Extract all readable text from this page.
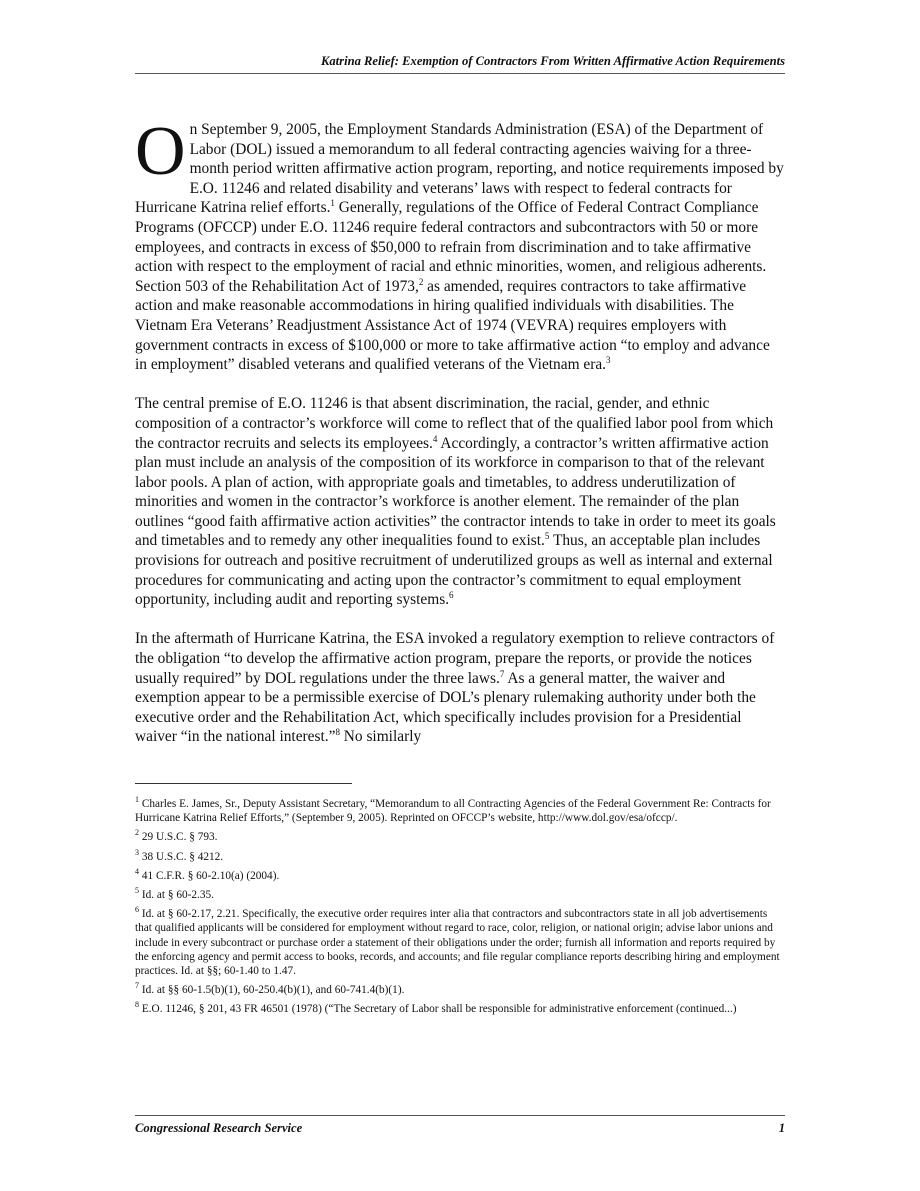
Katrina Relief: Exemption of Contractors From Written Affirmative Action Requirements

On September 9, 2005, the Employment Standards Administration (ESA) of the Department of Labor (DOL) issued a memorandum to all federal contracting agencies waiving for a three-month period written affirmative action program, reporting, and notice requirements imposed by E.O. 11246 and related disability and veterans’ laws with respect to federal contracts for Hurricane Katrina relief efforts.$^1$ Generally, regulations of the Office of Federal Contract Compliance Programs (OFCCP) under E.O. 11246 require federal contractors and subcontractors with 50 or more employees, and contracts in excess of $50,000 to refrain from discrimination and to take affirmative action with respect to the employment of racial and ethnic minorities, women, and religious adherents. Section 503 of the Rehabilitation Act of 1973,$^2$ as amended, requires contractors to take affirmative action and make reasonable accommodations in hiring qualified individuals with disabilities. The Vietnam Era Veterans’ Readjustment Assistance Act of 1974 (VEVRA) requires employers with government contracts in excess of $100,000 or more to take affirmative action “to employ and advance in employment” disabled veterans and qualified veterans of the Vietnam era.$^3$

The central premise of E.O. 11246 is that absent discrimination, the racial, gender, and ethnic composition of a contractor’s workforce will come to reflect that of the qualified labor pool from which the contractor recruits and selects its employees.$^4$ Accordingly, a contractor’s written affirmative action plan must include an analysis of the composition of its workforce in comparison to that of the relevant labor pools. A plan of action, with appropriate goals and timetables, to address underutilization of minorities and women in the contractor’s workforce is another element. The remainder of the plan outlines “good faith affirmative action activities” the contractor intends to take in order to meet its goals and timetables and to remedy any other inequalities found to exist.$^5$ Thus, an acceptable plan includes provisions for outreach and positive recruitment of underutilized groups as well as internal and external procedures for communicating and acting upon the contractor’s commitment to equal employment opportunity, including audit and reporting systems.$^6$

In the aftermath of Hurricane Katrina, the ESA invoked a regulatory exemption to relieve contractors of the obligation “to develop the affirmative action program, prepare the reports, or provide the notices usually required” by DOL regulations under the three laws.$^7$ As a general matter, the waiver and exemption appear to be a permissible exercise of DOL’s plenary rulemaking authority under both the executive order and the Rehabilitation Act, which specifically includes provision for a Presidential waiver “in the national interest.”$^8$ No similarly

$^1$ Charles E. James, Sr., Deputy Assistant Secretary, “Memorandum to all Contracting Agencies of the Federal Government Re: Contracts for Hurricane Katrina Relief Efforts,” (September 9, 2005). Reprinted on OFCCP’s website, http://www.dol.gov/esa/ofccp/.
$^2$ 29 U.S.C. § 793.
$^3$ 38 U.S.C. § 4212.
$^4$ 41 C.F.R. § 60-2.10(a) (2004).
$^5$ Id. at § 60-2.35.
$^6$ Id. at § 60-2.17, 2.21. Specifically, the executive order requires inter alia that contractors and subcontractors state in all job advertisements that qualified applicants will be considered for employment without regard to race, color, religion, or national origin; advise labor unions and include in every subcontract or purchase order a statement of their obligations under the order; furnish all information and reports required by the enforcing agency and permit access to books, records, and accounts; and file regular compliance reports describing hiring and employment practices. Id. at §§; 60-1.40 to 1.47.
$^7$ Id. at §§ 60-1.5(b)(1), 60-250.4(b)(1), and 60-741.4(b)(1).
$^8$ E.O. 11246, § 201, 43 FR 46501 (1978) (“The Secretary of Labor shall be responsible for administrative enforcement (continued...)
Congressional Research Service	1
